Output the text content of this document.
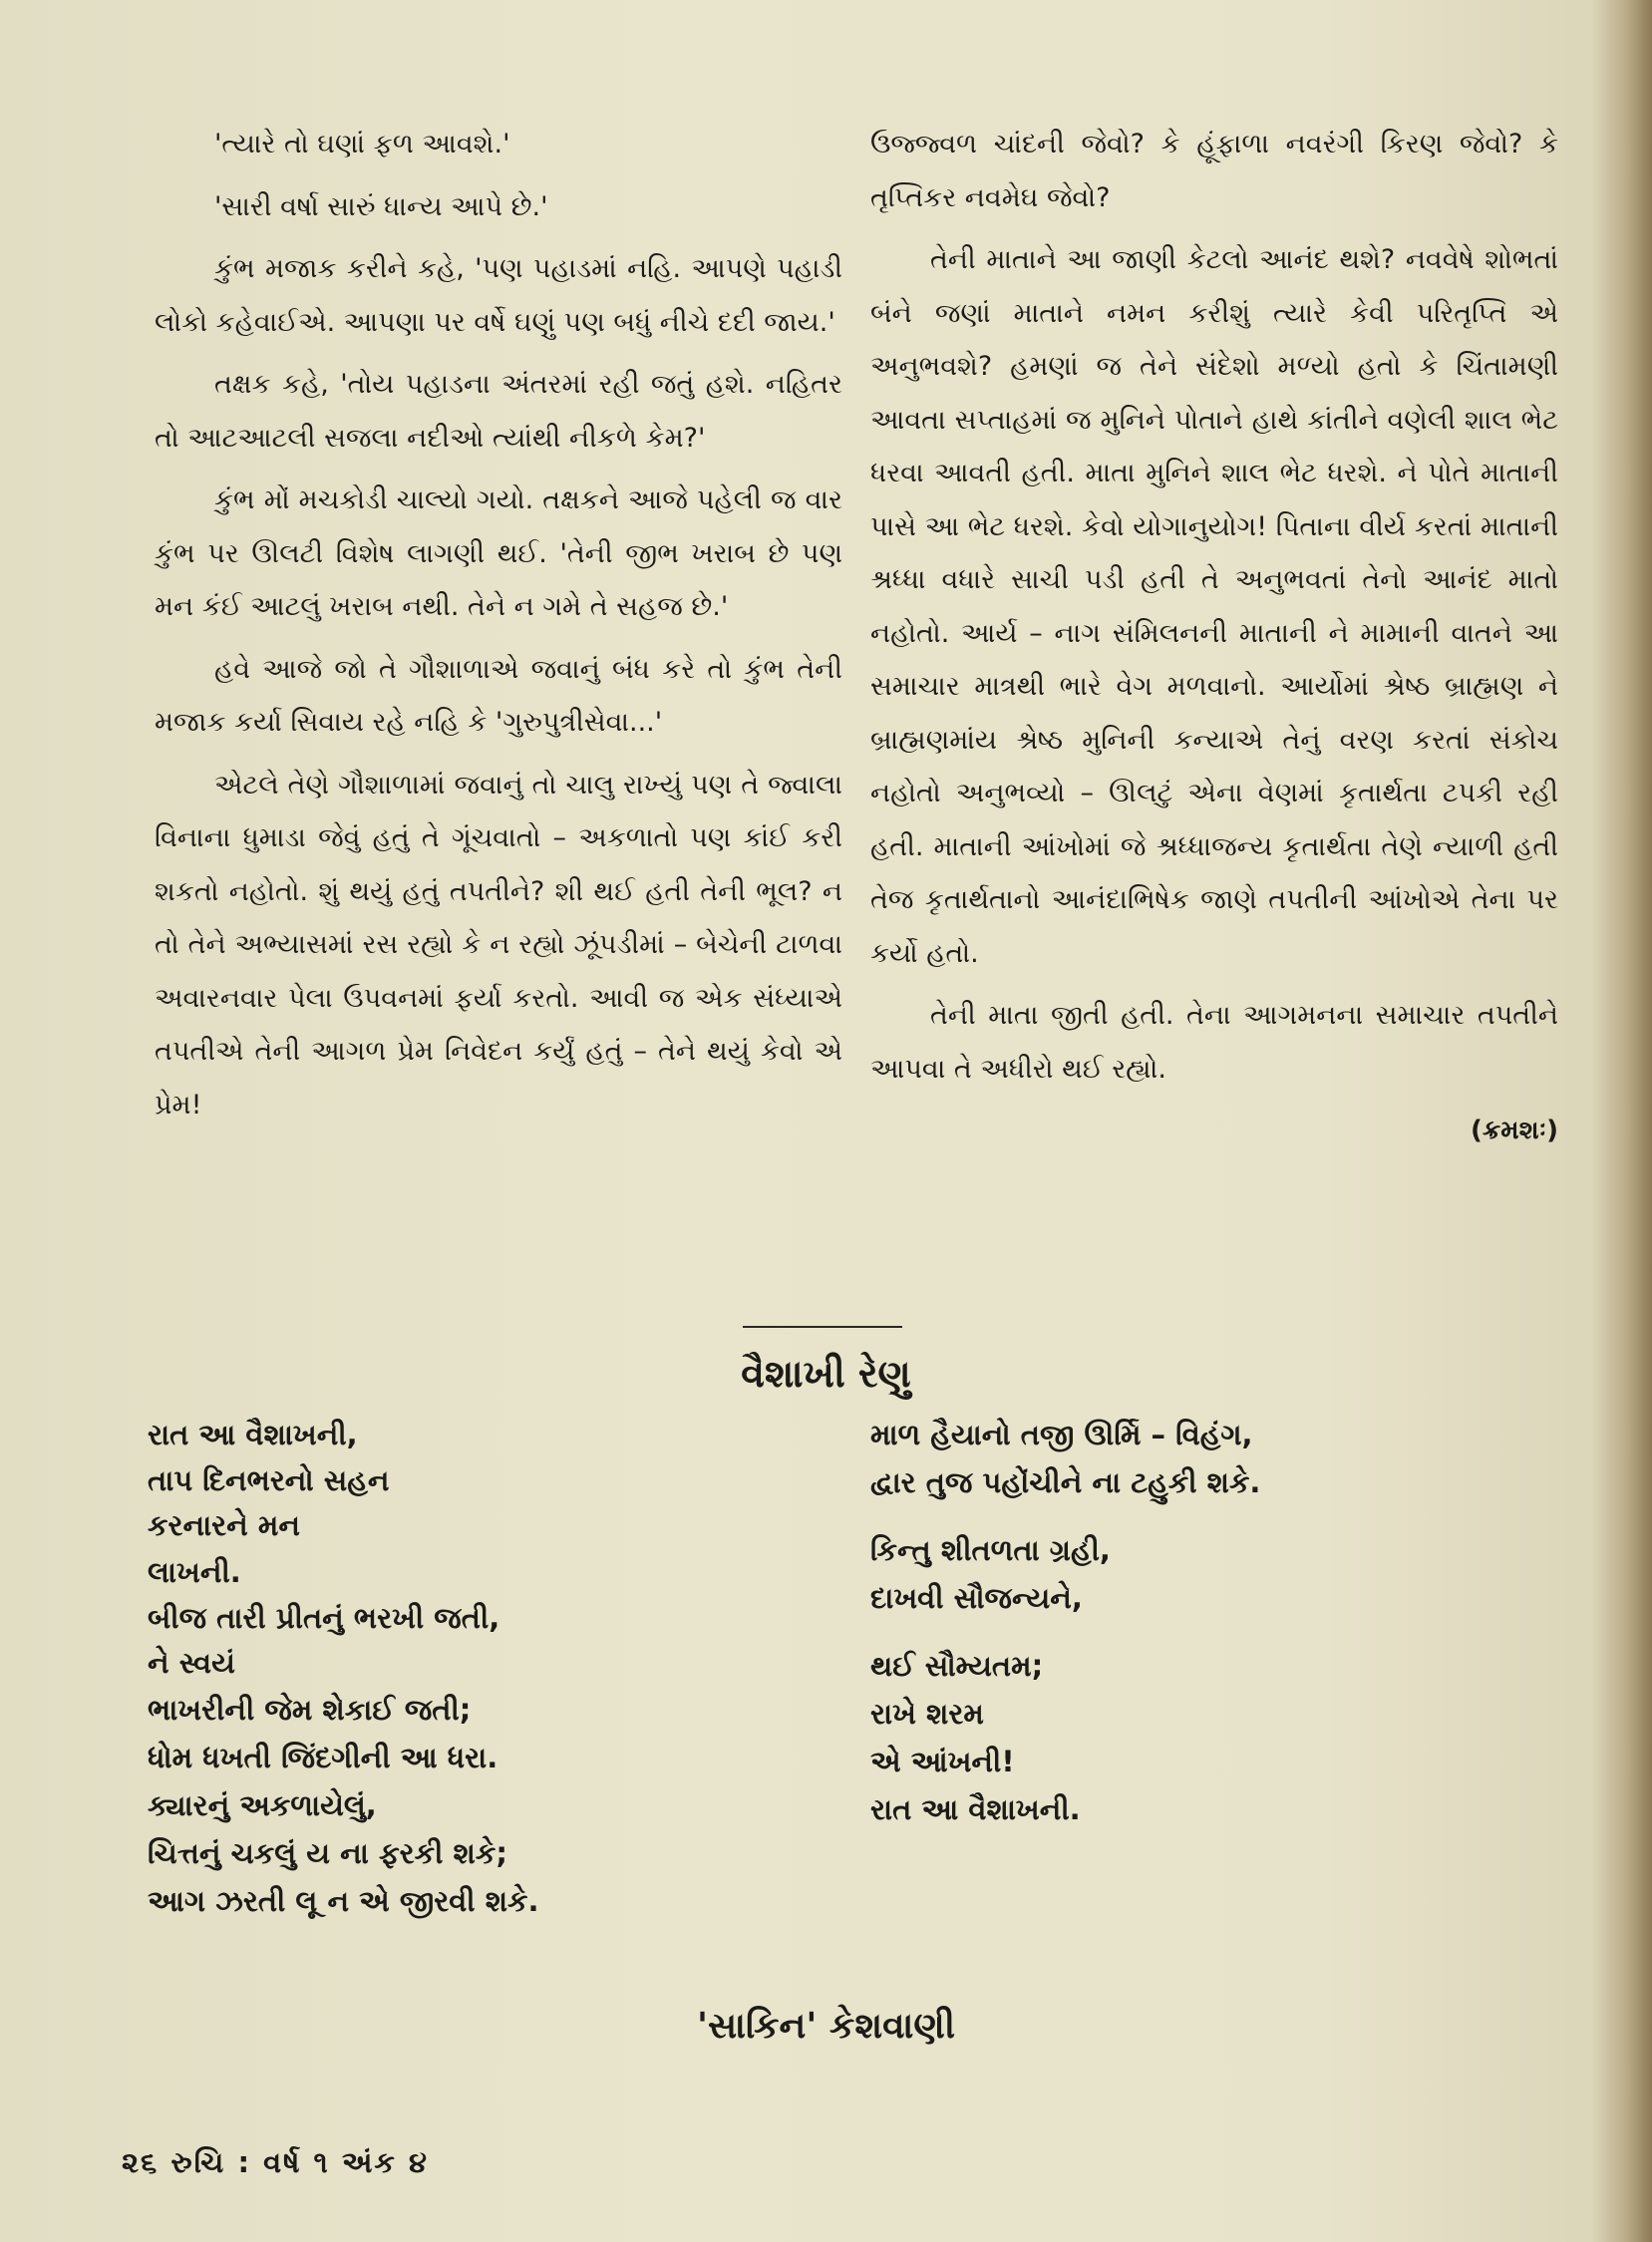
'ત્યારે તો ઘણાં ફળ આવશે.'

'સારી વર્ષા સારું ધાન્ય આપે છે.'

કુંભ મજાક કરીને કહે, 'પણ પહાડમાં નહિ. આપણે પહાડી લોકો કહેવાઈએ. આપણા પર વર્ષે ઘણું પણ બધું નીચે દદી જાય.'

તક્ષક કહે, 'તોય પહાડના અંતરમાં રહી જતું હશે. નહિતર તો આટઆટલી સજલા નદીઓ ત્યાંથી નીકળે કેમ?'

કુંભ મોં મચકોડી ચાલ્યો ગયો. તક્ષકને આજે પહેલી જ વાર કુંભ પર ઊલટી વિશેષ લાગણી થઈ. 'તેની જીભ ખરાબ છે પણ મન કંઈ આટલું ખરાબ નથી. તેને ન ગમે તે સહજ છે.'

હવે આજે જો તે ગૌશાળાએ જવાનું બંધ કરે તો કુંભ તેની મજાક કર્યા સિવાય રહે નહિ કે 'ગુરુપુત્રીસેવા...'

એટલે તેણે ગૌશાળામાં જવાનું તો ચાલુ રાખ્યું પણ તે જ્વાલા વિનાના ધુમાડા જેવું હતું તે ગૂંચવાતો – અકળાતો પણ કાંઈ કરી શકતો નહોતો. શું થયું હતું તપતીને? શી થઈ હતી તેની ભૂલ? ન તો તેને અભ્યાસમાં રસ રહ્યો કે ન રહ્યો ઝૂંપડીમાં – બેચેની ટાળવા અવારનવાર પેલા ઉપવનમાં ફર્યા કરતો. આવી જ એક સંધ્યાએ તપતીએ તેની આગળ પ્રેમ નિવેદન કર્યું હતું – તેને થયું કેવો એ પ્રેમ!

ઉજ્જ્વળ ચાંદની જેવો? કે હૂંફાળા નવરંગી કિરણ જેવો? કે તૃપ્તિકર નવમેઘ જેવો?

તેની માતાને આ જાણી કેટલો આનંદ થશે? નવવેષે શોભતાં બંને જણાં માતાને નમન કરીશું ત્યારે કેવી પરિતૃપ્તિ એ અનુભવશે? હમણાં જ તેને સંદેશો મળ્યો હતો કે ચિંતામણી આવતા સપ્તાહમાં જ મુનિને પોતાને હાથે કાંતીને વણેલી શાલ ભેટ ધરવા આવતી હતી. માતા મુનિને શાલ ભેટ ધરશે. ને પોતે માતાની પાસે આ ભેટ ધરશે. કેવો યોગાનુયોગ! પિતાના વીર્ય કરતાં માતાની શ્રધ્ધા વધારે સાચી પડી હતી તે અનુભવતાં તેનો આનંદ માતો નહોતો. આર્ય – નાગ સંમિલનની માતાની ને મામાની વાતને આ સમાચાર માત્રથી ભારે વેગ મળવાનો. આર્યોમાં શ્રેષ્ઠ બ્રાહ્મણ ને બ્રાહ્મણમાંય શ્રેષ્ઠ મુનિની કન્યાએ તેનું વરણ કરતાં સંકોચ નહોતો અનુભવ્યો – ઊલટું એના વેણમાં કૃતાર્થતા ટપકી રહી હતી. માતાની આંખોમાં જે શ્રધ્ધાજન્ય કૃતાર્થતા તેણે ન્યાળી હતી તેજ કૃતાર્થતાનો આનંદાભિષેક જાણે તપતીની આંખોએ તેના પર કર્યો હતો.

તેની માતા જીતી હતી. તેના આગમનના સમાચાર તપતીને આપવા તે અધીરો થઈ રહ્યો.

(ક્રમશઃ)
વૈશાખી રેણુ
રાત આ વૈશાખની,
તાપ દિનભરનો સહન
કરનારને મન
લાખની.
બીજ તારી પ્રીતનું ભરખી જતી,
ને સ્વયં
ભાખરીની જેમ શેકાઈ જતી;
ધોમ ધખતી જિંદગીની આ ધરા.
ક્યારનું અકળાયેલું,
ચિત્તનું ચકલું ય ના ફરકી શકે;
આગ ઝરતી લૂ ન એ જીરવી શકે.
માળ હૈયાનો તજી ઊર્મિ – વિહંગ,
દ્વાર તુજ પહોંચીને ના ટહુકી શકે.
કિન્તુ શીતળતા ગ્રહી,
દાખવી સૌજન્યને,
થઈ સૌમ્યતમ;
રાખે શરમ
એ આંખની!
રાત આ વૈશાખની.
'સાકિન' કેશવાણી
૨૬ રુચિ : વર્ષ ૧ અંક ૪
